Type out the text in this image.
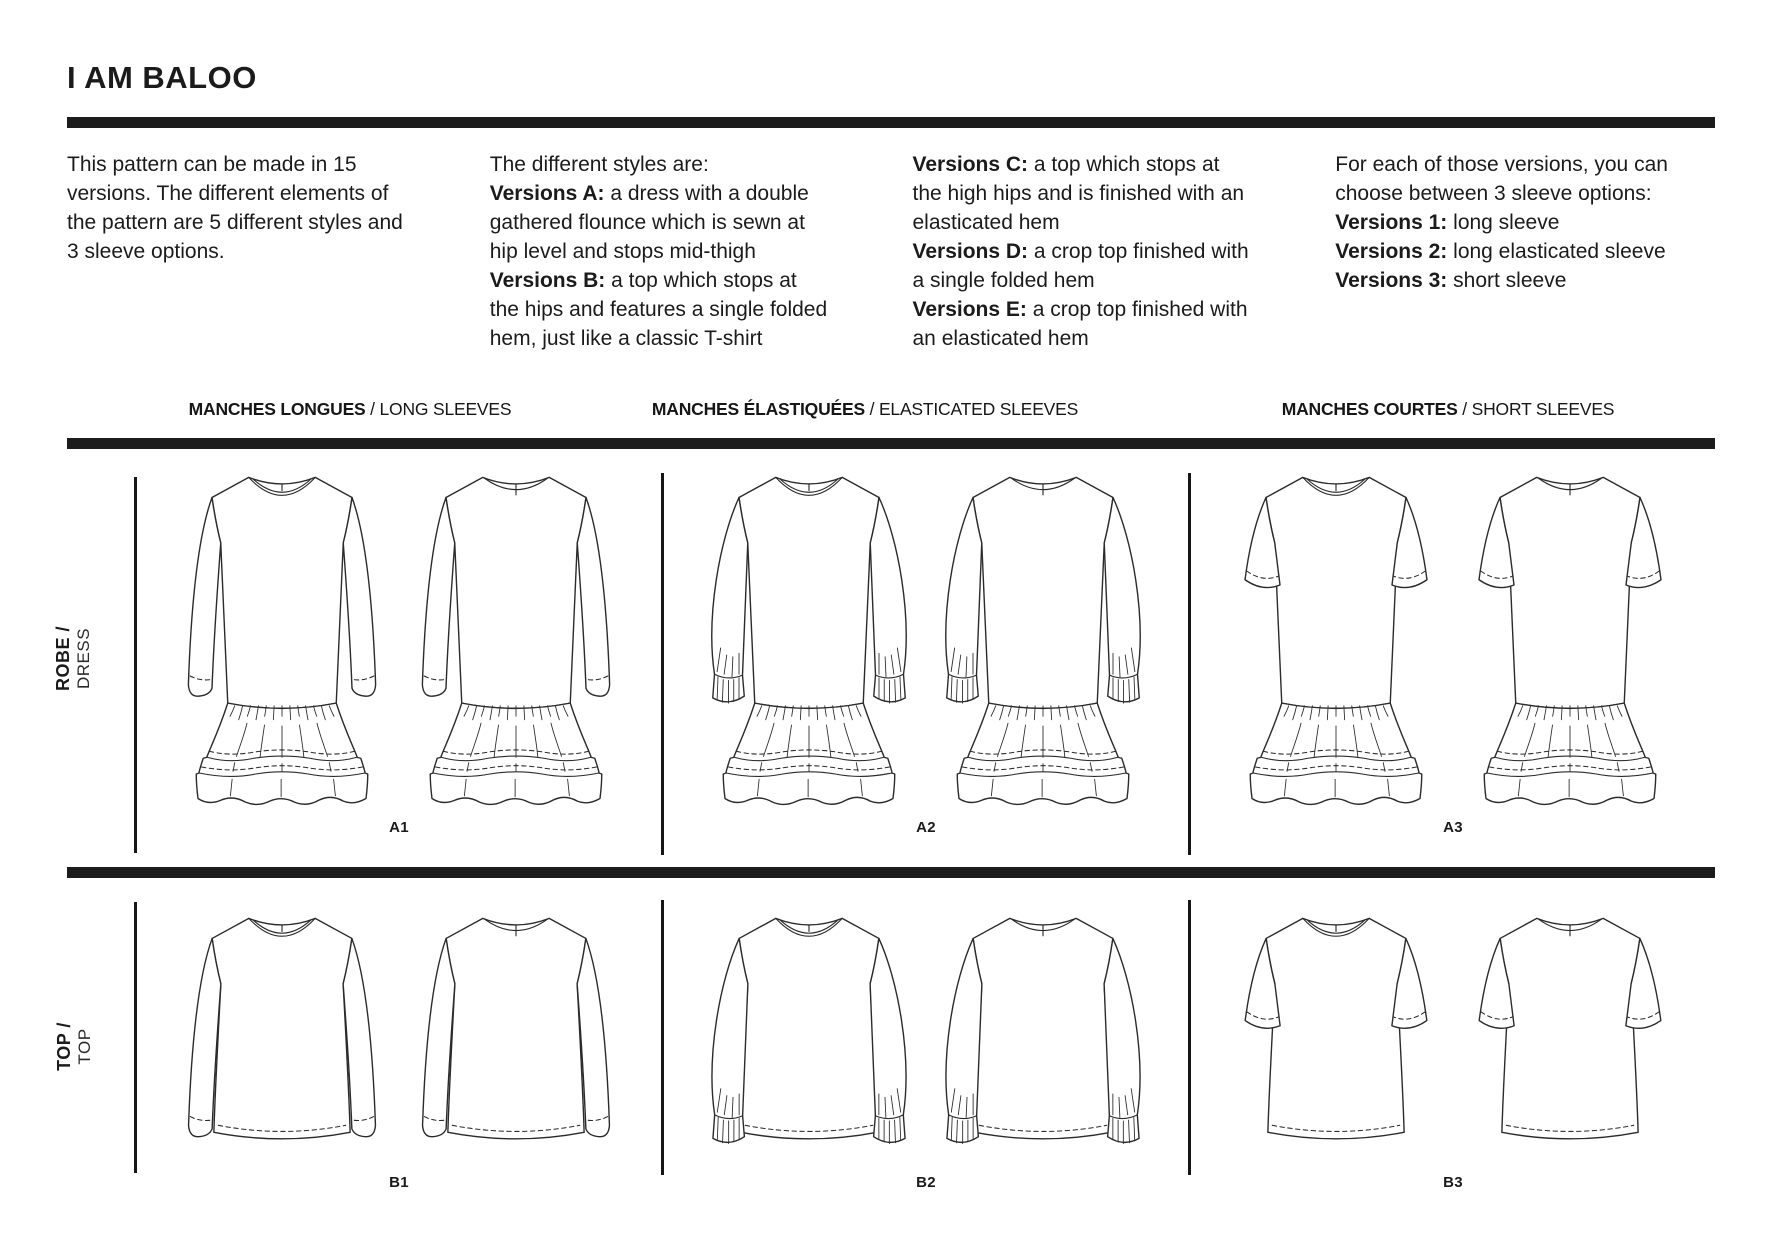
I AM BALOO
This pattern can be made in 15
versions. The different elements of
the pattern are 5 different styles and
3 sleeve options.
The different styles are:
Versions A: a dress with a double
gathered flounce which is sewn at
hip level and stops mid-thigh
Versions B: a top which stops at
the hips and features a single folded
hem, just like a classic T-shirt
Versions C: a top which stops at
the high hips and is finished with an
elasticated hem
Versions D: a crop top finished with
a single folded hem
Versions E: a crop top finished with
an elasticated hem
For each of those versions, you can
choose between 3 sleeve options:
Versions 1: long sleeve
Versions 2: long elasticated sleeve
Versions 3: short sleeve
MANCHES LONGUES / LONG SLEEVES	MANCHES ÉLASTIQUÉES / ELASTICATED SLEEVES	MANCHES COURTES / SHORT SLEEVES
ROBE / DRESS
A1	A2	A3
TOP / TOP
B1	B2	B3
